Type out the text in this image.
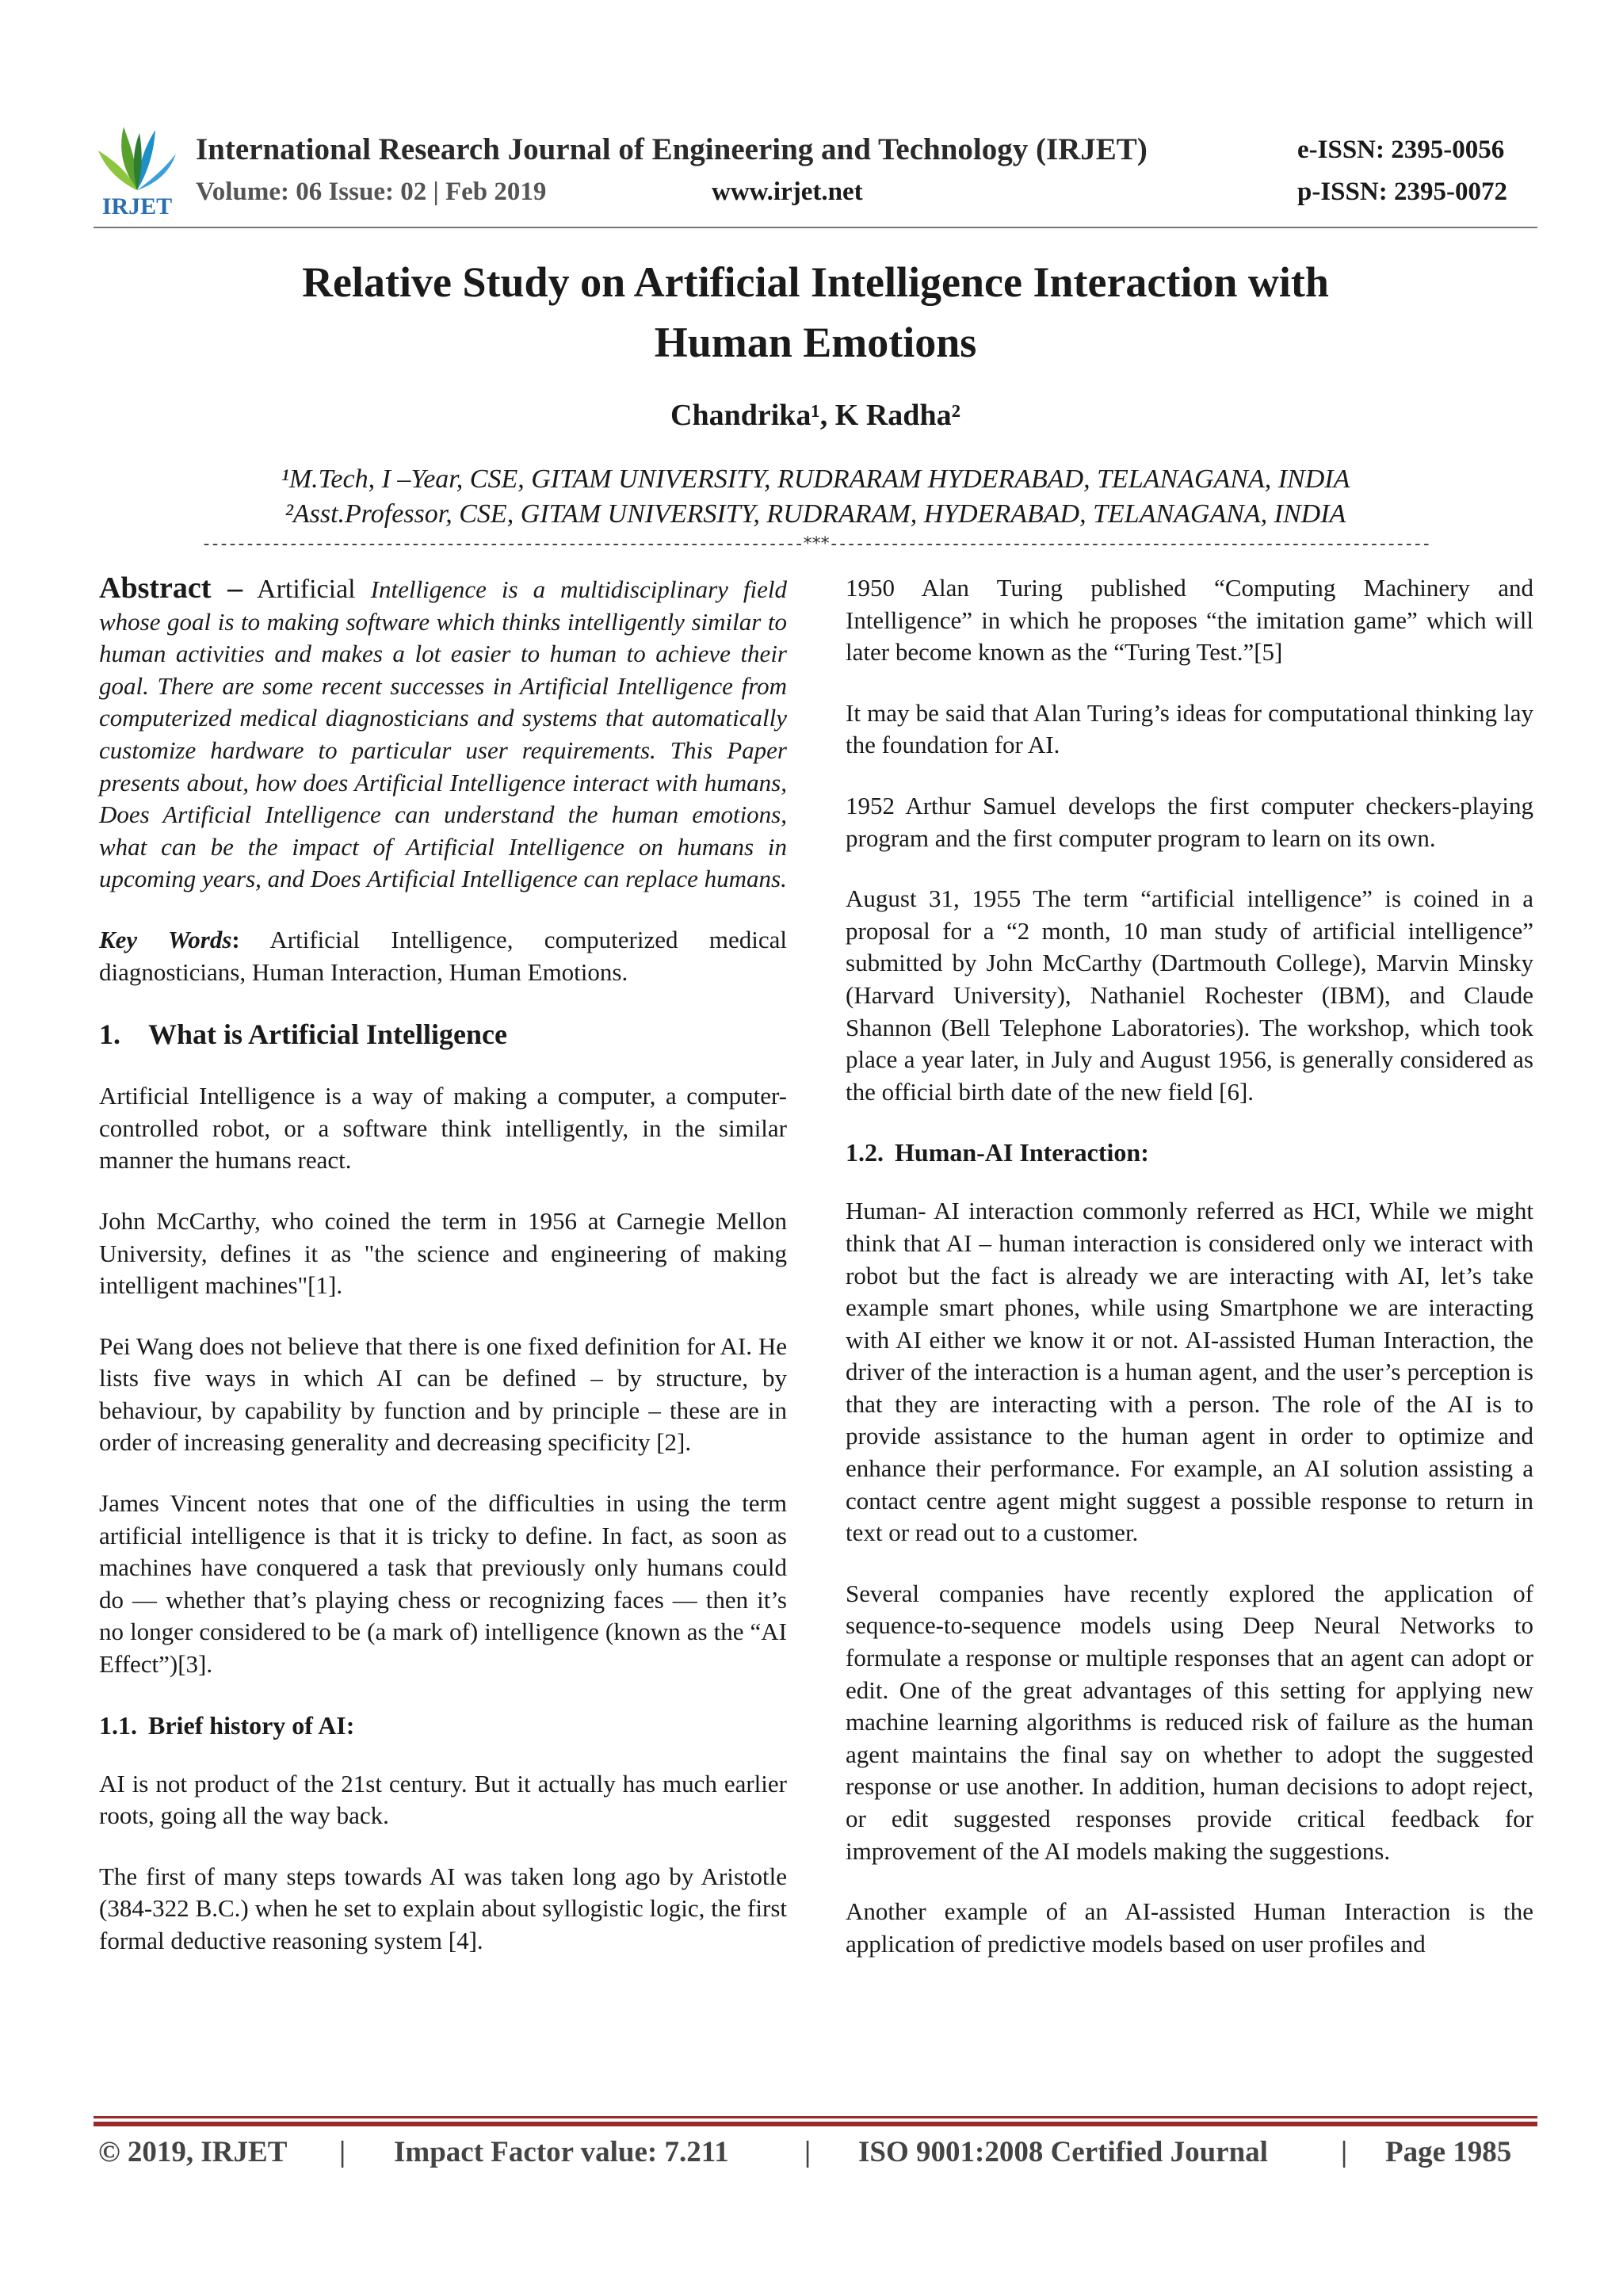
IRJET
International Research Journal of Engineering and Technology (IRJET)	e-ISSN: 2395-0056
Volume: 06 Issue: 02 | Feb 2019	www.irjet.net	p-ISSN: 2395-0072
Relative Study on Artificial Intelligence Interaction with
Human Emotions
Chandrika¹, K Radha²
¹M.Tech, I –Year, CSE, GITAM UNIVERSITY, RUDRARAM HYDERABAD, TELANAGANA, INDIA
²Asst.Professor, CSE, GITAM UNIVERSITY, RUDRARAM, HYDERABAD, TELANAGANA, INDIA
---------------------------------------------------------------------***---------------------------------------------------------------------

Abstract – Artificial Intelligence is a multidisciplinary field whose goal is to making software which thinks intelligently similar to human activities and makes a lot easier to human to achieve their goal. There are some recent successes in Artificial Intelligence from computerized medical diagnosticians and systems that automatically customize hardware to particular user requirements. This Paper presents about, how does Artificial Intelligence interact with humans, Does Artificial Intelligence can understand the human emotions, what can be the impact of Artificial Intelligence on humans in upcoming years, and Does Artificial Intelligence can replace humans.

Key Words: Artificial Intelligence, computerized medical diagnosticians, Human Interaction, Human Emotions.

1. What is Artificial Intelligence

Artificial Intelligence is a way of making a computer, a computer-controlled robot, or a software think intelligently, in the similar manner the humans react.

John McCarthy, who coined the term in 1956 at Carnegie Mellon University, defines it as "the science and engineering of making intelligent machines"[1].

Pei Wang does not believe that there is one fixed definition for AI. He lists five ways in which AI can be defined – by structure, by behaviour, by capability by function and by principle – these are in order of increasing generality and decreasing specificity [2].

James Vincent notes that one of the difficulties in using the term artificial intelligence is that it is tricky to define. In fact, as soon as machines have conquered a task that previously only humans could do — whether that’s playing chess or recognizing faces — then it’s no longer considered to be (a mark of) intelligence (known as the “AI Effect”)[3].

1.1. Brief history of AI:

AI is not product of the 21st century. But it actually has much earlier roots, going all the way back.

The first of many steps towards AI was taken long ago by Aristotle (384-322 B.C.) when he set to explain about syllogistic logic, the first formal deductive reasoning system [4].

1950 Alan Turing published “Computing Machinery and Intelligence” in which he proposes “the imitation game” which will later become known as the “Turing Test.”[5]

It may be said that Alan Turing’s ideas for computational thinking lay the foundation for AI.

1952 Arthur Samuel develops the first computer checkers-playing program and the first computer program to learn on its own.

August 31, 1955 The term “artificial intelligence” is coined in a proposal for a “2 month, 10 man study of artificial intelligence” submitted by John McCarthy (Dartmouth College), Marvin Minsky (Harvard University), Nathaniel Rochester (IBM), and Claude Shannon (Bell Telephone Laboratories). The workshop, which took place a year later, in July and August 1956, is generally considered as the official birth date of the new field [6].

1.2. Human-AI Interaction:

Human- AI interaction commonly referred as HCI, While we might think that AI – human interaction is considered only we interact with robot but the fact is already we are interacting with AI, let’s take example smart phones, while using Smartphone we are interacting with AI either we know it or not. AI-assisted Human Interaction, the driver of the interaction is a human agent, and the user’s perception is that they are interacting with a person. The role of the AI is to provide assistance to the human agent in order to optimize and enhance their performance. For example, an AI solution assisting a contact centre agent might suggest a possible response to return in text or read out to a customer.

Several companies have recently explored the application of sequence-to-sequence models using Deep Neural Networks to formulate a response or multiple responses that an agent can adopt or edit. One of the great advantages of this setting for applying new machine learning algorithms is reduced risk of failure as the human agent maintains the final say on whether to adopt the suggested response or use another. In addition, human decisions to adopt reject, or edit suggested responses provide critical feedback for improvement of the AI models making the suggestions.

Another example of an AI-assisted Human Interaction is the application of predictive models based on user profiles and

© 2019, IRJET | Impact Factor value: 7.211	| ISO 9001:2008 Certified Journal | Page 1985
